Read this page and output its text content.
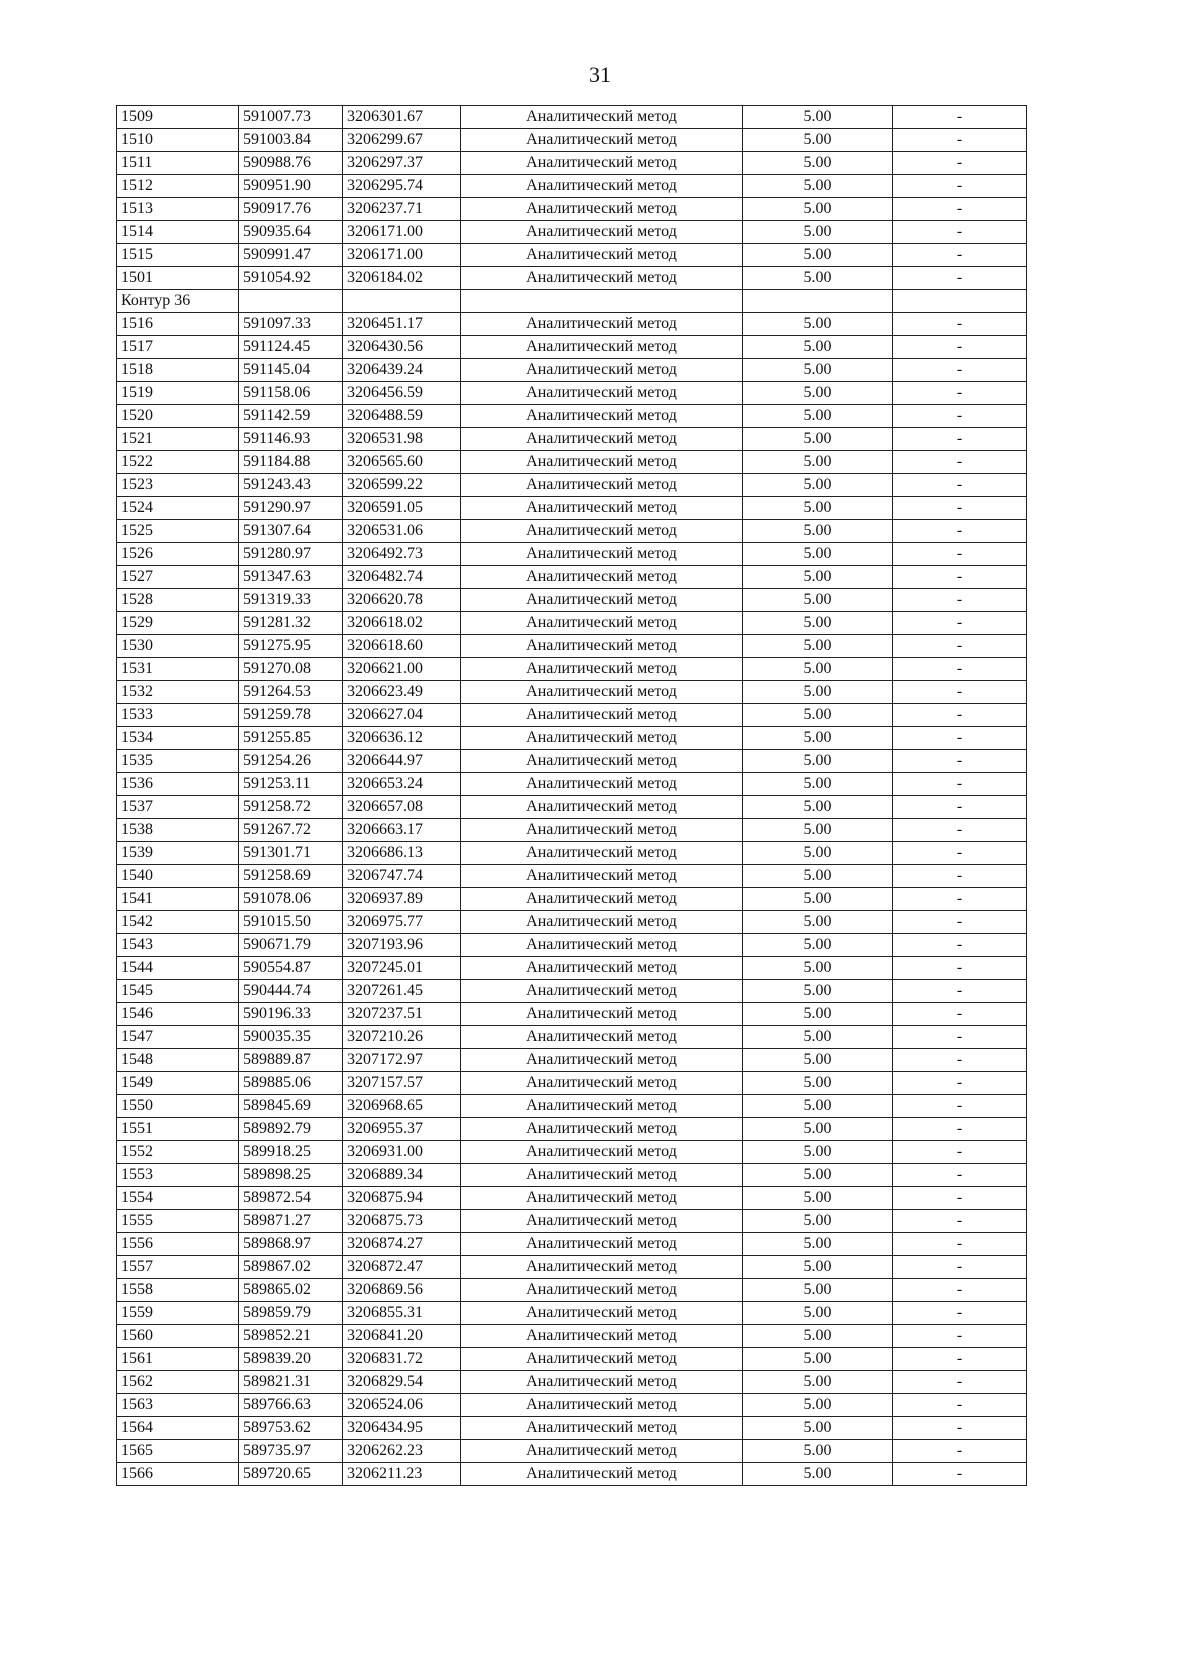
31
1509	591007.73	3206301.67	Аналитический метод	5.00	-
1510	591003.84	3206299.67	Аналитический метод	5.00	-
1511	590988.76	3206297.37	Аналитический метод	5.00	-
1512	590951.90	3206295.74	Аналитический метод	5.00	-
1513	590917.76	3206237.71	Аналитический метод	5.00	-
1514	590935.64	3206171.00	Аналитический метод	5.00	-
1515	590991.47	3206171.00	Аналитический метод	5.00	-
1501	591054.92	3206184.02	Аналитический метод	5.00	-
Контур 36					
1516	591097.33	3206451.17	Аналитический метод	5.00	-
1517	591124.45	3206430.56	Аналитический метод	5.00	-
1518	591145.04	3206439.24	Аналитический метод	5.00	-
1519	591158.06	3206456.59	Аналитический метод	5.00	-
1520	591142.59	3206488.59	Аналитический метод	5.00	-
1521	591146.93	3206531.98	Аналитический метод	5.00	-
1522	591184.88	3206565.60	Аналитический метод	5.00	-
1523	591243.43	3206599.22	Аналитический метод	5.00	-
1524	591290.97	3206591.05	Аналитический метод	5.00	-
1525	591307.64	3206531.06	Аналитический метод	5.00	-
1526	591280.97	3206492.73	Аналитический метод	5.00	-
1527	591347.63	3206482.74	Аналитический метод	5.00	-
1528	591319.33	3206620.78	Аналитический метод	5.00	-
1529	591281.32	3206618.02	Аналитический метод	5.00	-
1530	591275.95	3206618.60	Аналитический метод	5.00	-
1531	591270.08	3206621.00	Аналитический метод	5.00	-
1532	591264.53	3206623.49	Аналитический метод	5.00	-
1533	591259.78	3206627.04	Аналитический метод	5.00	-
1534	591255.85	3206636.12	Аналитический метод	5.00	-
1535	591254.26	3206644.97	Аналитический метод	5.00	-
1536	591253.11	3206653.24	Аналитический метод	5.00	-
1537	591258.72	3206657.08	Аналитический метод	5.00	-
1538	591267.72	3206663.17	Аналитический метод	5.00	-
1539	591301.71	3206686.13	Аналитический метод	5.00	-
1540	591258.69	3206747.74	Аналитический метод	5.00	-
1541	591078.06	3206937.89	Аналитический метод	5.00	-
1542	591015.50	3206975.77	Аналитический метод	5.00	-
1543	590671.79	3207193.96	Аналитический метод	5.00	-
1544	590554.87	3207245.01	Аналитический метод	5.00	-
1545	590444.74	3207261.45	Аналитический метод	5.00	-
1546	590196.33	3207237.51	Аналитический метод	5.00	-
1547	590035.35	3207210.26	Аналитический метод	5.00	-
1548	589889.87	3207172.97	Аналитический метод	5.00	-
1549	589885.06	3207157.57	Аналитический метод	5.00	-
1550	589845.69	3206968.65	Аналитический метод	5.00	-
1551	589892.79	3206955.37	Аналитический метод	5.00	-
1552	589918.25	3206931.00	Аналитический метод	5.00	-
1553	589898.25	3206889.34	Аналитический метод	5.00	-
1554	589872.54	3206875.94	Аналитический метод	5.00	-
1555	589871.27	3206875.73	Аналитический метод	5.00	-
1556	589868.97	3206874.27	Аналитический метод	5.00	-
1557	589867.02	3206872.47	Аналитический метод	5.00	-
1558	589865.02	3206869.56	Аналитический метод	5.00	-
1559	589859.79	3206855.31	Аналитический метод	5.00	-
1560	589852.21	3206841.20	Аналитический метод	5.00	-
1561	589839.20	3206831.72	Аналитический метод	5.00	-
1562	589821.31	3206829.54	Аналитический метод	5.00	-
1563	589766.63	3206524.06	Аналитический метод	5.00	-
1564	589753.62	3206434.95	Аналитический метод	5.00	-
1565	589735.97	3206262.23	Аналитический метод	5.00	-
1566	589720.65	3206211.23	Аналитический метод	5.00	-
